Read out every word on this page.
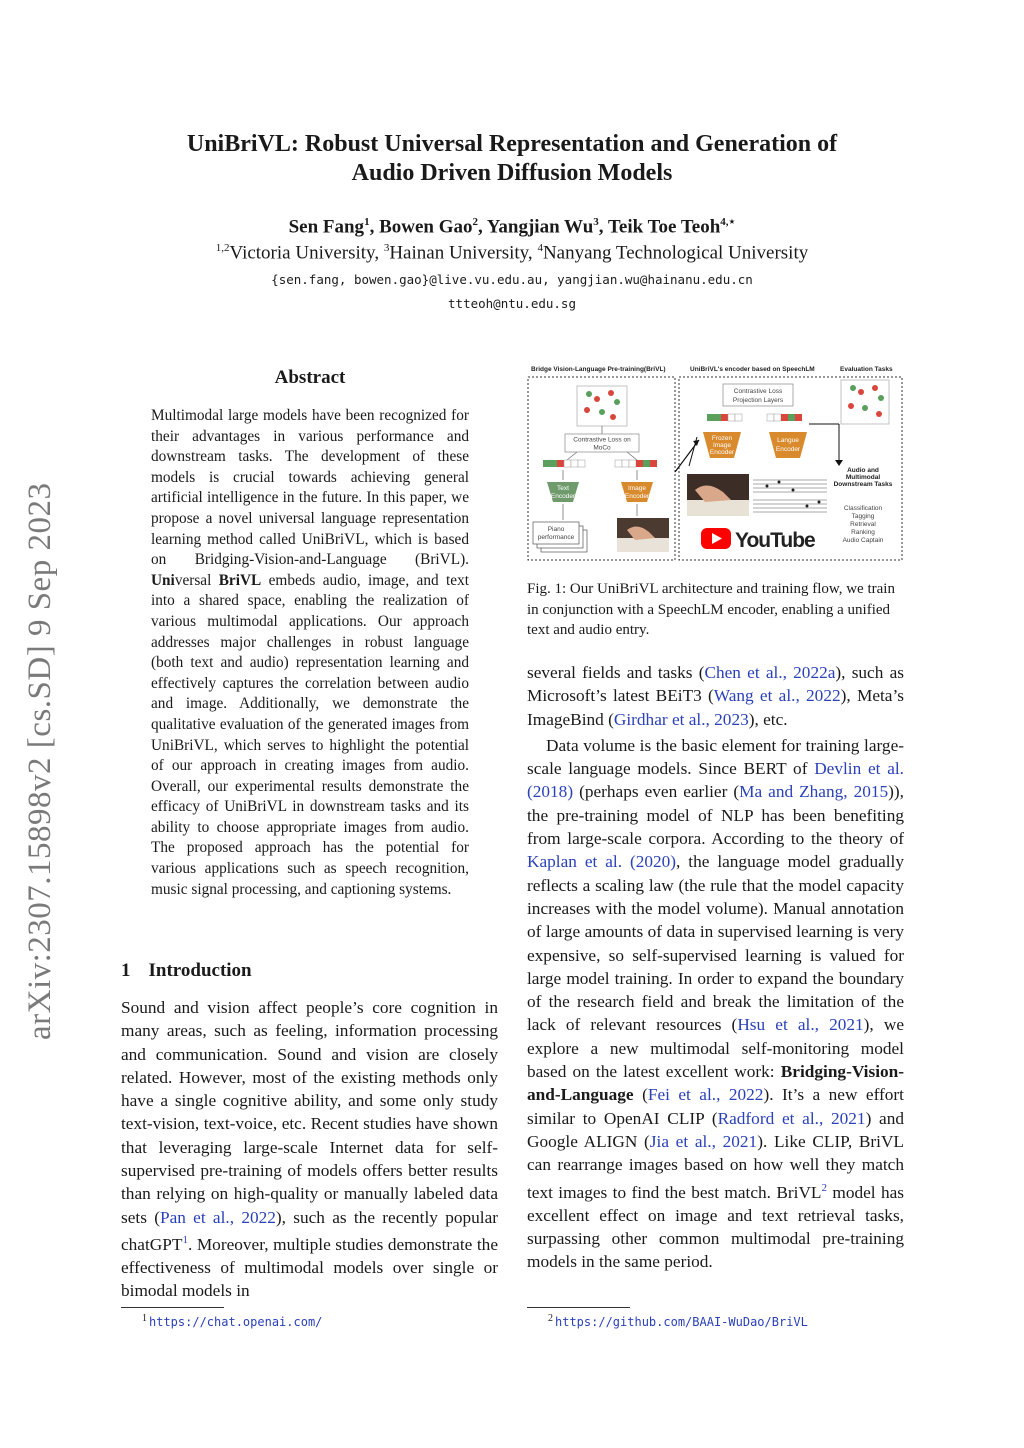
arXiv:2307.15898v2 [cs.SD] 9 Sep 2023
UniBriVL: Robust Universal Representation and Generation of
Audio Driven Diffusion Models
Sen Fang$^1$, Bowen Gao$^2$, Yangjian Wu$^3$, Teik Toe Teoh$^{4,⋆}$
$^{1,2}$Victoria University, $^3$Hainan University, $^4$Nanyang Technological University
{sen.fang, bowen.gao}@live.vu.edu.au, yangjian.wu@hainanu.edu.cn
ttteoh@ntu.edu.sg
Abstract
Multimodal large models have been recognized for their advantages in various performance and downstream tasks. The development of these models is crucial towards achieving general artificial intelligence in the future. In this paper, we propose a novel universal language representation learning method called UniBriVL, which is based on Bridging-Vision-and-Language (BriVL). Universal BriVL embeds audio, image, and text into a shared space, enabling the realization of various multimodal applications. Our approach addresses major challenges in robust language (both text and audio) representation learning and effectively captures the correlation between audio and image. Additionally, we demonstrate the qualitative evaluation of the generated images from UniBriVL, which serves to highlight the potential of our approach in creating images from audio. Overall, our experimental results demonstrate the efficacy of UniBriVL in downstream tasks and its ability to choose appropriate images from audio. The proposed approach has the potential for various applications such as speech recognition, music signal processing, and captioning systems.
1 Introduction
Sound and vision affect people’s core cognition in many areas, such as feeling, information processing and communication. Sound and vision are closely related. However, most of the existing methods only have a single cognitive ability, and some only study text-vision, text-voice, etc. Recent studies have shown that leveraging large-scale Internet data for self-supervised pre-training of models offers better results than relying on high-quality or manually labeled data sets (Pan et al., 2022), such as the recently popular chatGPT$^1$. Moreover, multiple studies demonstrate the effectiveness of multimodal models over single or bimodal models in
Bridge Vision-Language Pre-training(BriVL)	UniBriVL's encoder based on SpeechLM	Evaluation Tasks
Contrastive Loss on
MoCo
Text
Encoder
Image
Encoder
Piano
performance
Contrastive Loss
Projection Layers
Frozen
Image
Encoder
Langue
Encoder
YouTube
Audio and
Multimodal
Downstream Tasks
Classification
Tagging
Retrieval
Ranking
Audio Captain
Fig. 1: Our UniBriVL architecture and training flow, we train in conjunction with a SpeechLM encoder, enabling a unified text and audio entry.

several fields and tasks (Chen et al., 2022a), such as Microsoft’s latest BEiT3 (Wang et al., 2022), Meta’s ImageBind (Girdhar et al., 2023), etc.

Data volume is the basic element for training large-scale language models. Since BERT of Devlin et al. (2018) (perhaps even earlier (Ma and Zhang, 2015)), the pre-training model of NLP has been benefiting from large-scale corpora. According to the theory of Kaplan et al. (2020), the language model gradually reflects a scaling law (the rule that the model capacity increases with the model volume). Manual annotation of large amounts of data in supervised learning is very expensive, so self-supervised learning is valued for large model training. In order to expand the boundary of the research field and break the limitation of the lack of relevant resources (Hsu et al., 2021), we explore a new multimodal self-monitoring model based on the latest excellent work: Bridging-Vision-and-Language (Fei et al., 2022). It’s a new effort similar to OpenAI CLIP (Radford et al., 2021) and Google ALIGN (Jia et al., 2021). Like CLIP, BriVL can rearrange images based on how well they match text images to find the best match. BriVL$^2$ model has excellent effect on image and text retrieval tasks, surpassing other common multimodal pre-training models in the same period.

$^1$ https://chat.openai.com/	$^2$ https://github.com/BAAI-WuDao/BriVL
